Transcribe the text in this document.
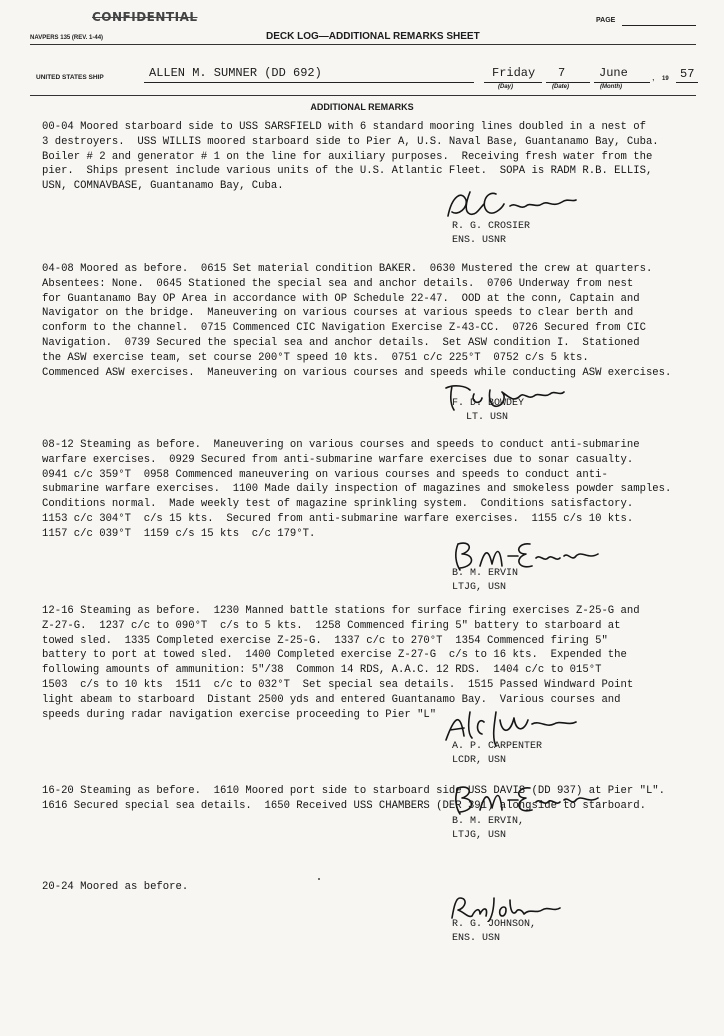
CONFIDENTIAL	PAGE
NAVPERS 135 (REV. 1-44)	DECK LOG—ADDITIONAL REMARKS SHEET
UNITED STATES SHIP	ALLEN M. SUMNER (DD 692)	Friday
(Day)
7
(Date)
June
(Month)
, 19 57
ADDITIONAL REMARKS
00-04 Moored starboard side to USS SARSFIELD with 6 standard mooring lines doubled in a nest of
3 destroyers.  USS WILLIS moored starboard side to Pier A, U.S. Naval Base, Guantanamo Bay, Cuba.
Boiler # 2 and generator # 1 on the line for auxiliary purposes.  Receiving fresh water from the
pier.  Ships present include various units of the U.S. Atlantic Fleet.  SOPA is RADM R.B. ELLIS,
USN, COMNAVBASE, Guantanamo Bay, Cuba.
R. G. CROSIER
ENS. USNR
04-08 Moored as before.  0615 Set material condition BAKER.  0630 Mustered the crew at quarters.
Absentees: None.  0645 Stationed the special sea and anchor details.  0706 Underway from nest
for Guantanamo Bay OP Area in accordance with OP Schedule 22-47.  OOD at the conn, Captain and
Navigator on the bridge.  Maneuvering on various courses at various speeds to clear berth and
conform to the channel.  0715 Commenced CIC Navigation Exercise Z-43-CC.  0726 Secured from CIC
Navigation.  0739 Secured the special sea and anchor details.  Set ASW condition I.  Stationed
the ASW exercise team, set course 200°T speed 10 kts.  0751 c/c 225°T  0752 c/s 5 kts.
Commenced ASW exercises.  Maneuvering on various courses and speeds while conducting ASW exercises.
F. D. BOWDEY
LT. USN
08-12 Steaming as before.  Maneuvering on various courses and speeds to conduct anti-submarine
warfare exercises.  0929 Secured from anti-submarine warfare exercises due to sonar casualty.
0941 c/c 359°T  0958 Commenced maneuvering on various courses and speeds to conduct anti-
submarine warfare exercises.  1100 Made daily inspection of magazines and smokeless powder samples.
Conditions normal.  Made weekly test of magazine sprinkling system.  Conditions satisfactory.
1153 c/c 304°T  c/s 15 kts.  Secured from anti-submarine warfare exercises.  1155 c/s 10 kts.
1157 c/c 039°T  1159 c/s 15 kts  c/c 179°T.
B. M. ERVIN
LTJG, USN
12-16 Steaming as before.  1230 Manned battle stations for surface firing exercises Z-25-G and
Z-27-G.  1237 c/c to 090°T  c/s to 5 kts.  1258 Commenced firing 5" battery to starboard at
towed sled.  1335 Completed exercise Z-25-G.  1337 c/c to 270°T  1354 Commenced firing 5"
battery to port at towed sled.  1400 Completed exercise Z-27-G  c/s to 16 kts.  Expended the
following amounts of ammunition: 5"/38  Common 14 RDS, A.A.C. 12 RDS.  1404 c/c to 015°T
1503  c/s to 10 kts  1511  c/c to 032°T  Set special sea details.  1515 Passed Windward Point
light abeam to starboard  Distant 2500 yds and entered Guantanamo Bay.  Various courses and
speeds during radar navigation exercise proceeding to Pier "L"
A. P. CARPENTER
LCDR, USN
16-20 Steaming as before.  1610 Moored port side to starboard side USS DAVIS (DD 937) at Pier "L".
1616 Secured special sea details.  1650 Received USS CHAMBERS (DER 391) alongside to starboard.
B. M. ERVIN,
LTJG, USN
20-24 Moored as before.
R. G. JOHNSON,
ENS. USN
